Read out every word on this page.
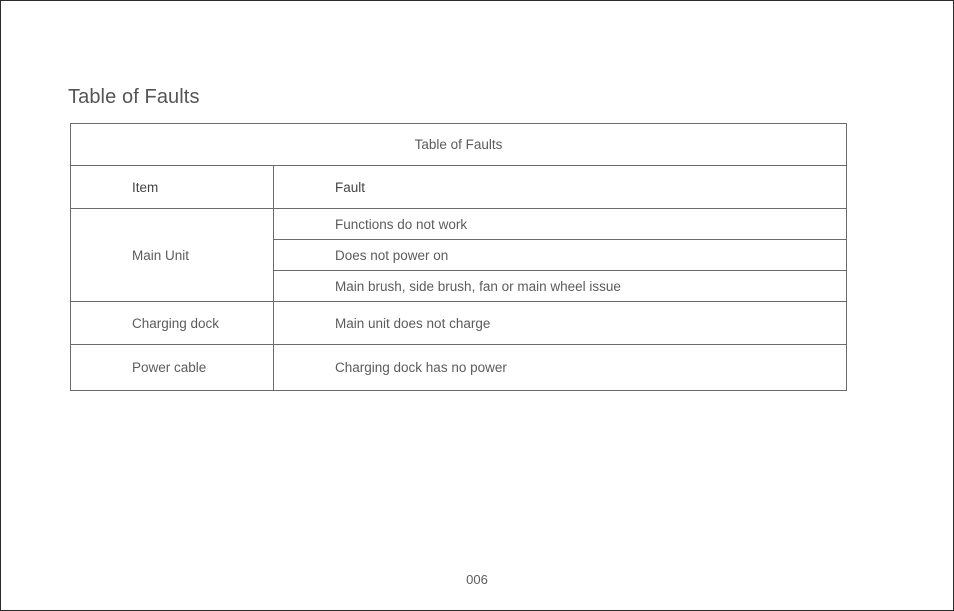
Table of Faults
Table of Faults	
Item	Fault
Main Unit	Functions do not work
	Does not power on
	Main brush, side brush, fan or main wheel issue
Charging dock	Main unit does not charge
Power cable	Charging dock has no power
006
